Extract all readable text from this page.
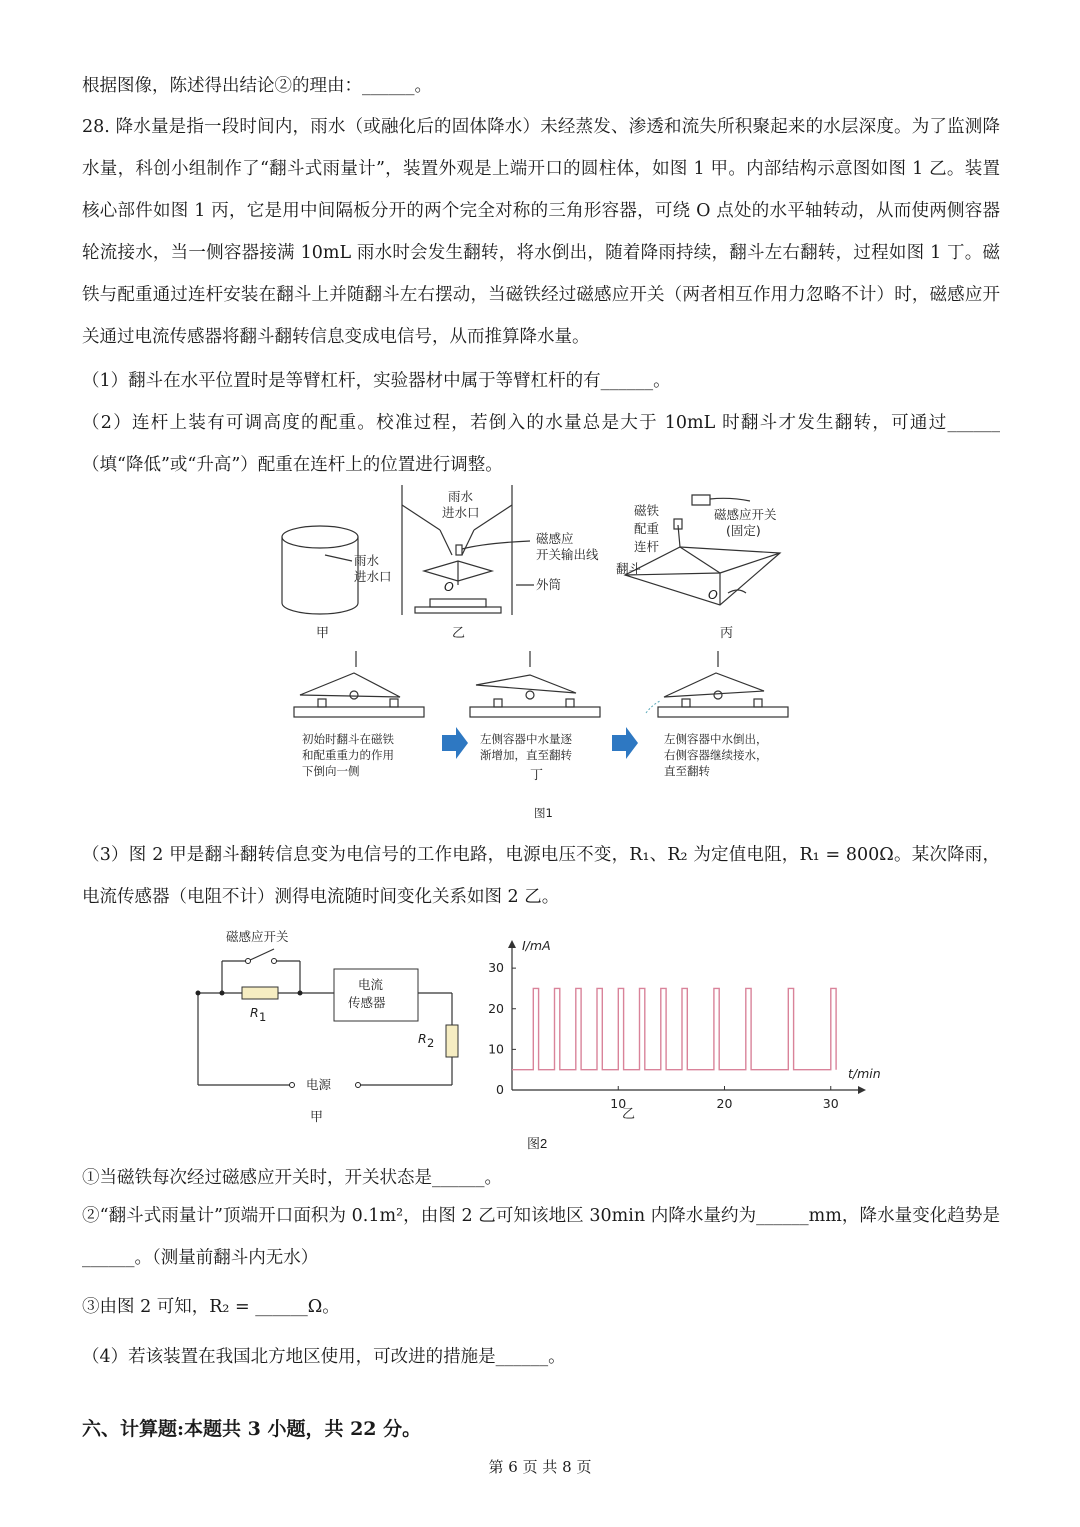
根据图像，陈述得出结论②的理由：______。
28. 降水量是指一段时间内，雨水（或融化后的固体降水）未经蒸发、渗透和流失所积聚起来的水层深度。为了监测降水量，科创小组制作了“翻斗式雨量计”，装置外观是上端开口的圆柱体，如图 1 甲。内部结构示意图如图 1 乙。装置核心部件如图 1 丙，它是用中间隔板分开的两个完全对称的三角形容器，可绕 O 点处的水平轴转动，从而使两侧容器轮流接水，当一侧容器接满 10mL 雨水时会发生翻转，将水倒出，随着降雨持续，翻斗左右翻转，过程如图 1 丁。磁铁与配重通过连杆安装在翻斗上并随翻斗左右摆动，当磁铁经过磁感应开关（两者相互作用力忽略不计）时，磁感应开关通过电流传感器将翻斗翻转信息变成电信号，从而推算降水量。
（1）翻斗在水平位置时是等臂杠杆，实验器材中属于等臂杠杆的有______。
（2）连杆上装有可调高度的配重。校准过程，若倒入的水量总是大于 10mL 时翻斗才发生翻转，可通过______（填“降低”或“升高”）配重在连杆上的位置进行调整。
雨水
进水口
甲
雨水
进水口
磁感应
开关输出线
外筒
O
乙
磁铁
配重
连杆
翻斗
磁感应开关
(固定)
O
丙
初始时翻斗在磁铁
和配重重力的作用
下倒向一侧
左侧容器中水量逐
渐增加，直至翻转
左侧容器中水倒出，
右侧容器继续接水，
直至翻转
丁
图1
（3）图 2 甲是翻斗翻转信息变为电信号的工作电路，电源电压不变，R₁、R₂ 为定值电阻，R₁ = 800Ω。某次降雨，电流传感器（电阻不计）测得电流随时间变化关系如图 2 乙。
磁感应开关
R 1
R 2
电流
传感器
电源
甲
0
10
20
30
10	20	30
I/mA
t/min
乙
图2
①当磁铁每次经过磁感应开关时，开关状态是______。
②“翻斗式雨量计”顶端开口面积为 0.1m²，由图 2 乙可知该地区 30min 内降水量约为______mm，降水量变化趋势是______。（测量前翻斗内无水）
③由图 2 可知，R₂ = ______Ω。
（4）若该装置在我国北方地区使用，可改进的措施是______。
六、计算题:本题共 3 小题，共 22 分。
第 6 页 共 8 页
